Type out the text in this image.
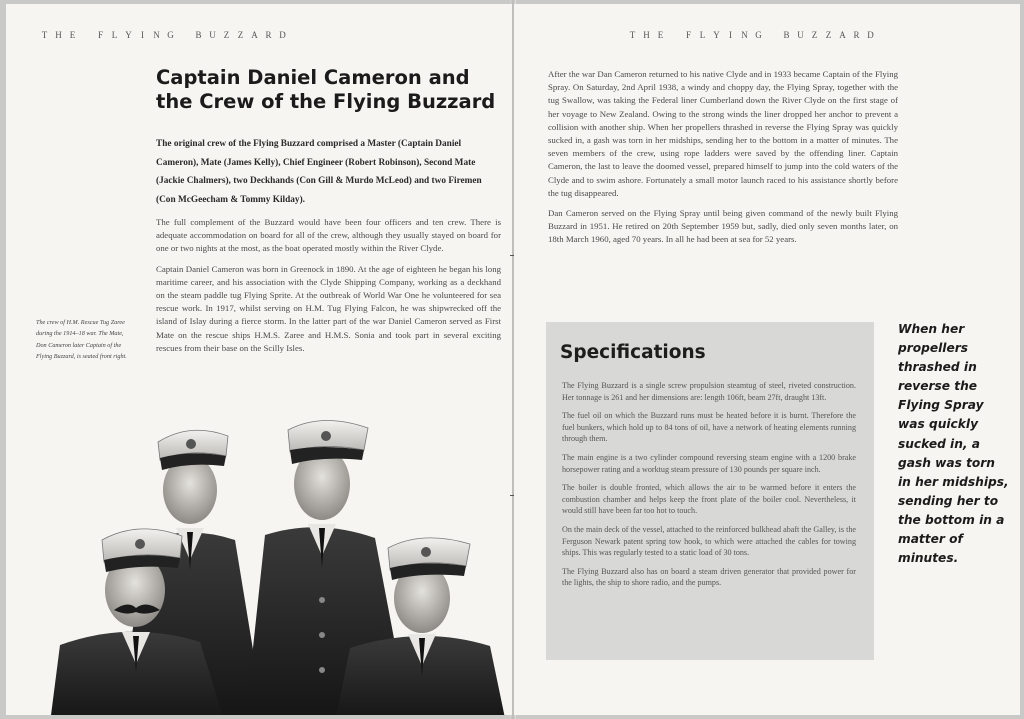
T H E F L Y I N G B U Z Z A R D
Captain Daniel Cameron and the Crew of the Flying Buzzard

The original crew of the Flying Buzzard comprised a Master (Captain Daniel Cameron), Mate (James Kelly), Chief Engineer (Robert Robinson), Second Mate (Jackie Chalmers), two Deckhands (Con Gill & Murdo McLeod) and two Firemen (Con McGeecham & Tommy Kilday).

The full complement of the Buzzard would have been four officers and ten crew. There is adequate accommodation on board for all of the crew, although they usually stayed on board for one or two nights at the most, as the boat operated mostly within the River Clyde.

Captain Daniel Cameron was born in Greenock in 1890. At the age of eighteen he began his long maritime career, and his association with the Clyde Shipping Company, working as a deckhand on the steam paddle tug Flying Sprite. At the outbreak of World War One he volunteered for sea rescue work. In 1917, whilst serving on H.M. Tug Flying Falcon, he was shipwrecked off the island of Islay during a fierce storm. In the latter part of the war Daniel Cameron served as First Mate on the rescue ships H.M.S. Zaree and H.M.S. Sonia and took part in several exciting rescues from their base on the Scilly Isles.

The crew of H.M. Rescue Tug Zaree during the 1914–18 war. The Mate, Don Cameron later Captain of the Flying Buzzard, is seated front right.
T H E F L Y I N G B U Z Z A R D

After the war Dan Cameron returned to his native Clyde and in 1933 became Captain of the Flying Spray. On Saturday, 2nd April 1938, a windy and choppy day, the Flying Spray, together with the tug Swallow, was taking the Federal liner Cumberland down the River Clyde on the first stage of her voyage to New Zealand. Owing to the strong winds the liner dropped her anchor to prevent a collision with another ship. When her propellers thrashed in reverse the Flying Spray was quickly sucked in, a gash was torn in her midships, sending her to the bottom in a matter of minutes. The seven members of the crew, using rope ladders were saved by the offending liner. Captain Cameron, the last to leave the doomed vessel, prepared himself to jump into the cold waters of the Clyde and to swim ashore. Fortunately a small motor launch raced to his assistance shortly before the tug disappeared.

Dan Cameron served on the Flying Spray until being given command of the newly built Flying Buzzard in 1951. He retired on 20th September 1959 but, sadly, died only seven months later, on 18th March 1960, aged 70 years. In all he had been at sea for 52 years.

Specifications

The Flying Buzzard is a single screw propulsion steamtug of steel, riveted construction. Her tonnage is 261 and her dimensions are: length 106ft, beam 27ft, draught 13ft.

The fuel oil on which the Buzzard runs must be heated before it is burnt. Therefore the fuel bunkers, which hold up to 84 tons of oil, have a network of heating elements running through them.

The main engine is a two cylinder compound reversing steam engine with a 1200 brake horsepower rating and a worktug steam pressure of 130 pounds per square inch.

The boiler is double fronted, which allows the air to be warmed before it enters the combustion chamber and helps keep the front plate of the boiler cool. Nevertheless, it would still have been far too hot to touch.

On the main deck of the vessel, attached to the reinforced bulkhead abaft the Galley, is the Ferguson Newark patent spring tow hook, to which were attached the cables for towing ships. This was regularly tested to a static load of 30 tons.

The Flying Buzzard also has on board a steam driven generator that provided power for the lights, the ship to shore radio, and the pumps.

When her propellers thrashed in reverse the Flying Spray was quickly sucked in, a gash was torn in her midships, sending her to the bottom in a matter of minutes.
